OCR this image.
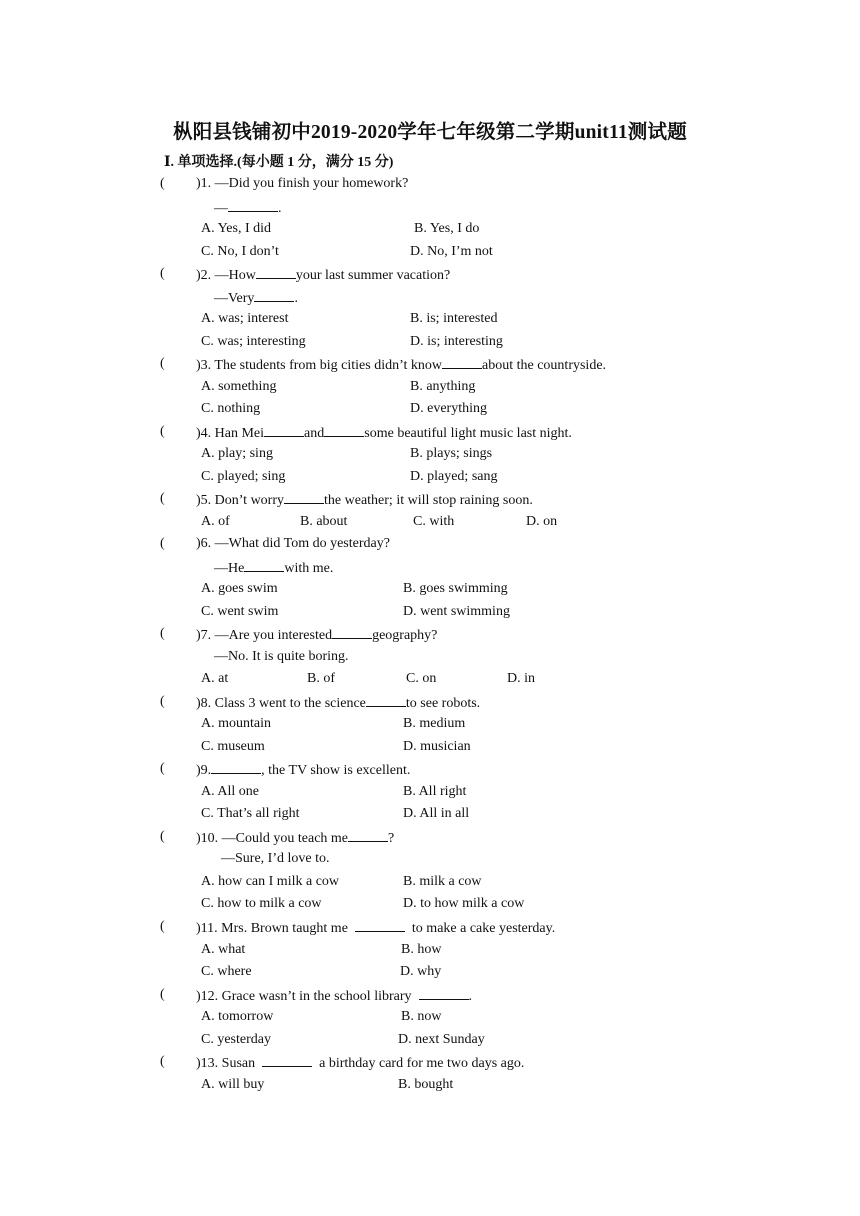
枞阳县钱铺初中2019-2020学年七年级第二学期unit11测试题
Ⅰ. 单项选择.(每小题 1 分，满分 15 分)
( )1. —Did you finish your homework?
—	.
A. Yes, I did	B. Yes, I do
C. No, I don’t	D. No, I’m not
( )2. —How	your last summer vacation?
—Very	.
A. was; interest	B. is; interested
C. was; interesting	D. is; interesting
( )3. The students from big cities didn’t know	about the countryside.
A. something	B. anything
C. nothing	D. everything
( )4. Han Mei	and	some beautiful light music last night.
A. play; sing	B. plays; sings
C. played; sing	D. played; sang
( )5. Don’t worry	the weather; it will stop raining soon.
A. of	B. about	C. with	D. on
( )6. —What did Tom do yesterday?
—He	with me.
A. goes swim	B. goes swimming
C. went swim	D. went swimming
( )7. —Are you interested	geography?
—No. It is quite boring.
A. at	B. of	C. on	D. in
( )8. Class 3 went to the science	to see robots.
A. mountain	B. medium
C. museum	D. musician
( )9.	, the TV show is excellent.
A. All one	B. All right
C. That’s all right	D. All in all
( )10. —Could you teach me	?
—Sure, I’d love to.
A. how can I milk a cow	B. milk a cow
C. how to milk a cow	D. to how milk a cow
( )11. Mrs. Brown taught me	to make a cake yesterday.
A. what	B. how
C. where	D. why
( )12. Grace wasn’t in the school library	.
A. tomorrow	B. now
C. yesterday	D. next Sunday
( )13. Susan	a birthday card for me two days ago.
A. will buy	B. bought
